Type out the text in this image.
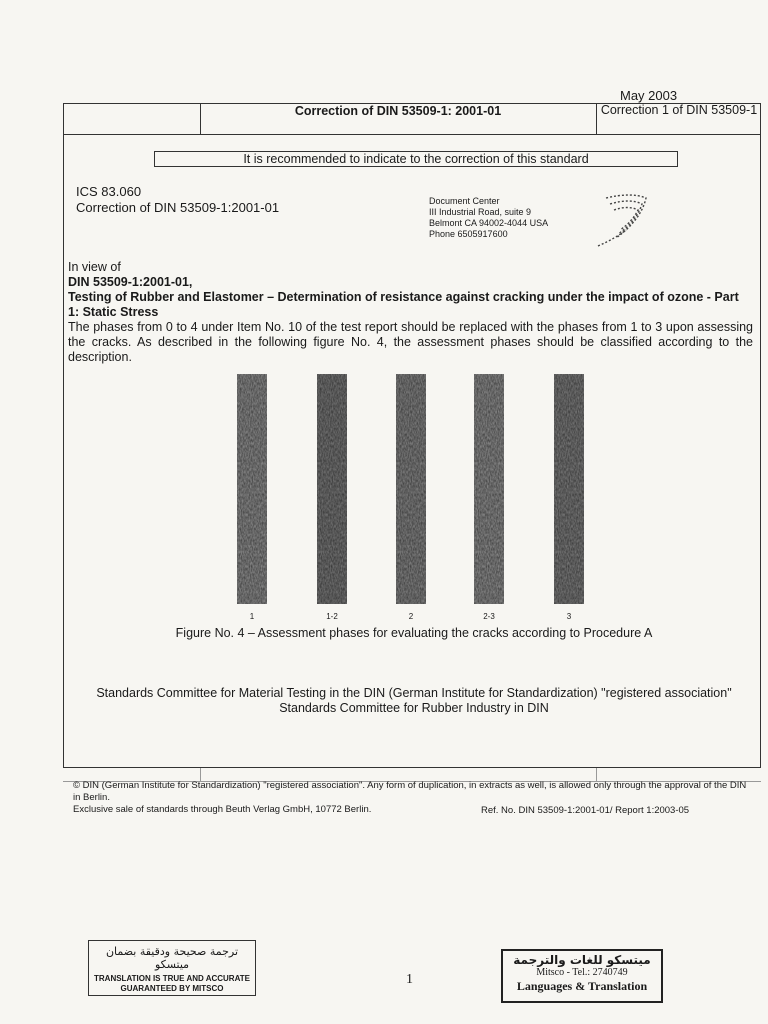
May 2003
Correction of DIN 53509-1: 2001-01	Correction 1 of DIN 53509-1
It is recommended to indicate to the correction of this standard
ICS 83.060
Correction of DIN 53509-1:2001-01	Document Center
III Industrial Road, suite 9
Belmont CA 94002-4044 USA
Phone 6505917600
In view of
DIN 53509-1:2001-01,
Testing of Rubber and Elastomer – Determination of resistance against cracking under the impact of ozone - Part 1: Static Stress

The phases from 0 to 4 under Item No. 10 of the test report should be replaced with the phases from 1 to 3 upon assessing the cracks. As described in the following figure No. 4, the assessment phases should be classified according to the description.

1	1-2	2	2-3	3
Figure No. 4 – Assessment phases for evaluating the cracks according to Procedure A
Standards Committee for Material Testing in the DIN (German Institute for Standardization) "registered association"
Standards Committee for Rubber Industry in DIN
© DIN (German Institute for Standardization) "registered association". Any form of duplication, in extracts as well, is allowed only through the approval of the DIN in Berlin.
Exclusive sale of standards through Beuth Verlag GmbH, 10772 Berlin.	Ref. No. DIN 53509-1:2001-01/ Report 1:2003-05
ترجمة صحيحة ودقيقة بضمان ميتسكو
TRANSLATION IS TRUE AND ACCURATE GUARANTEED BY MITSCO
1
ميتسكو للغات والترجمة
Mitsco - Tel.: 2740749
Languages & Translation
